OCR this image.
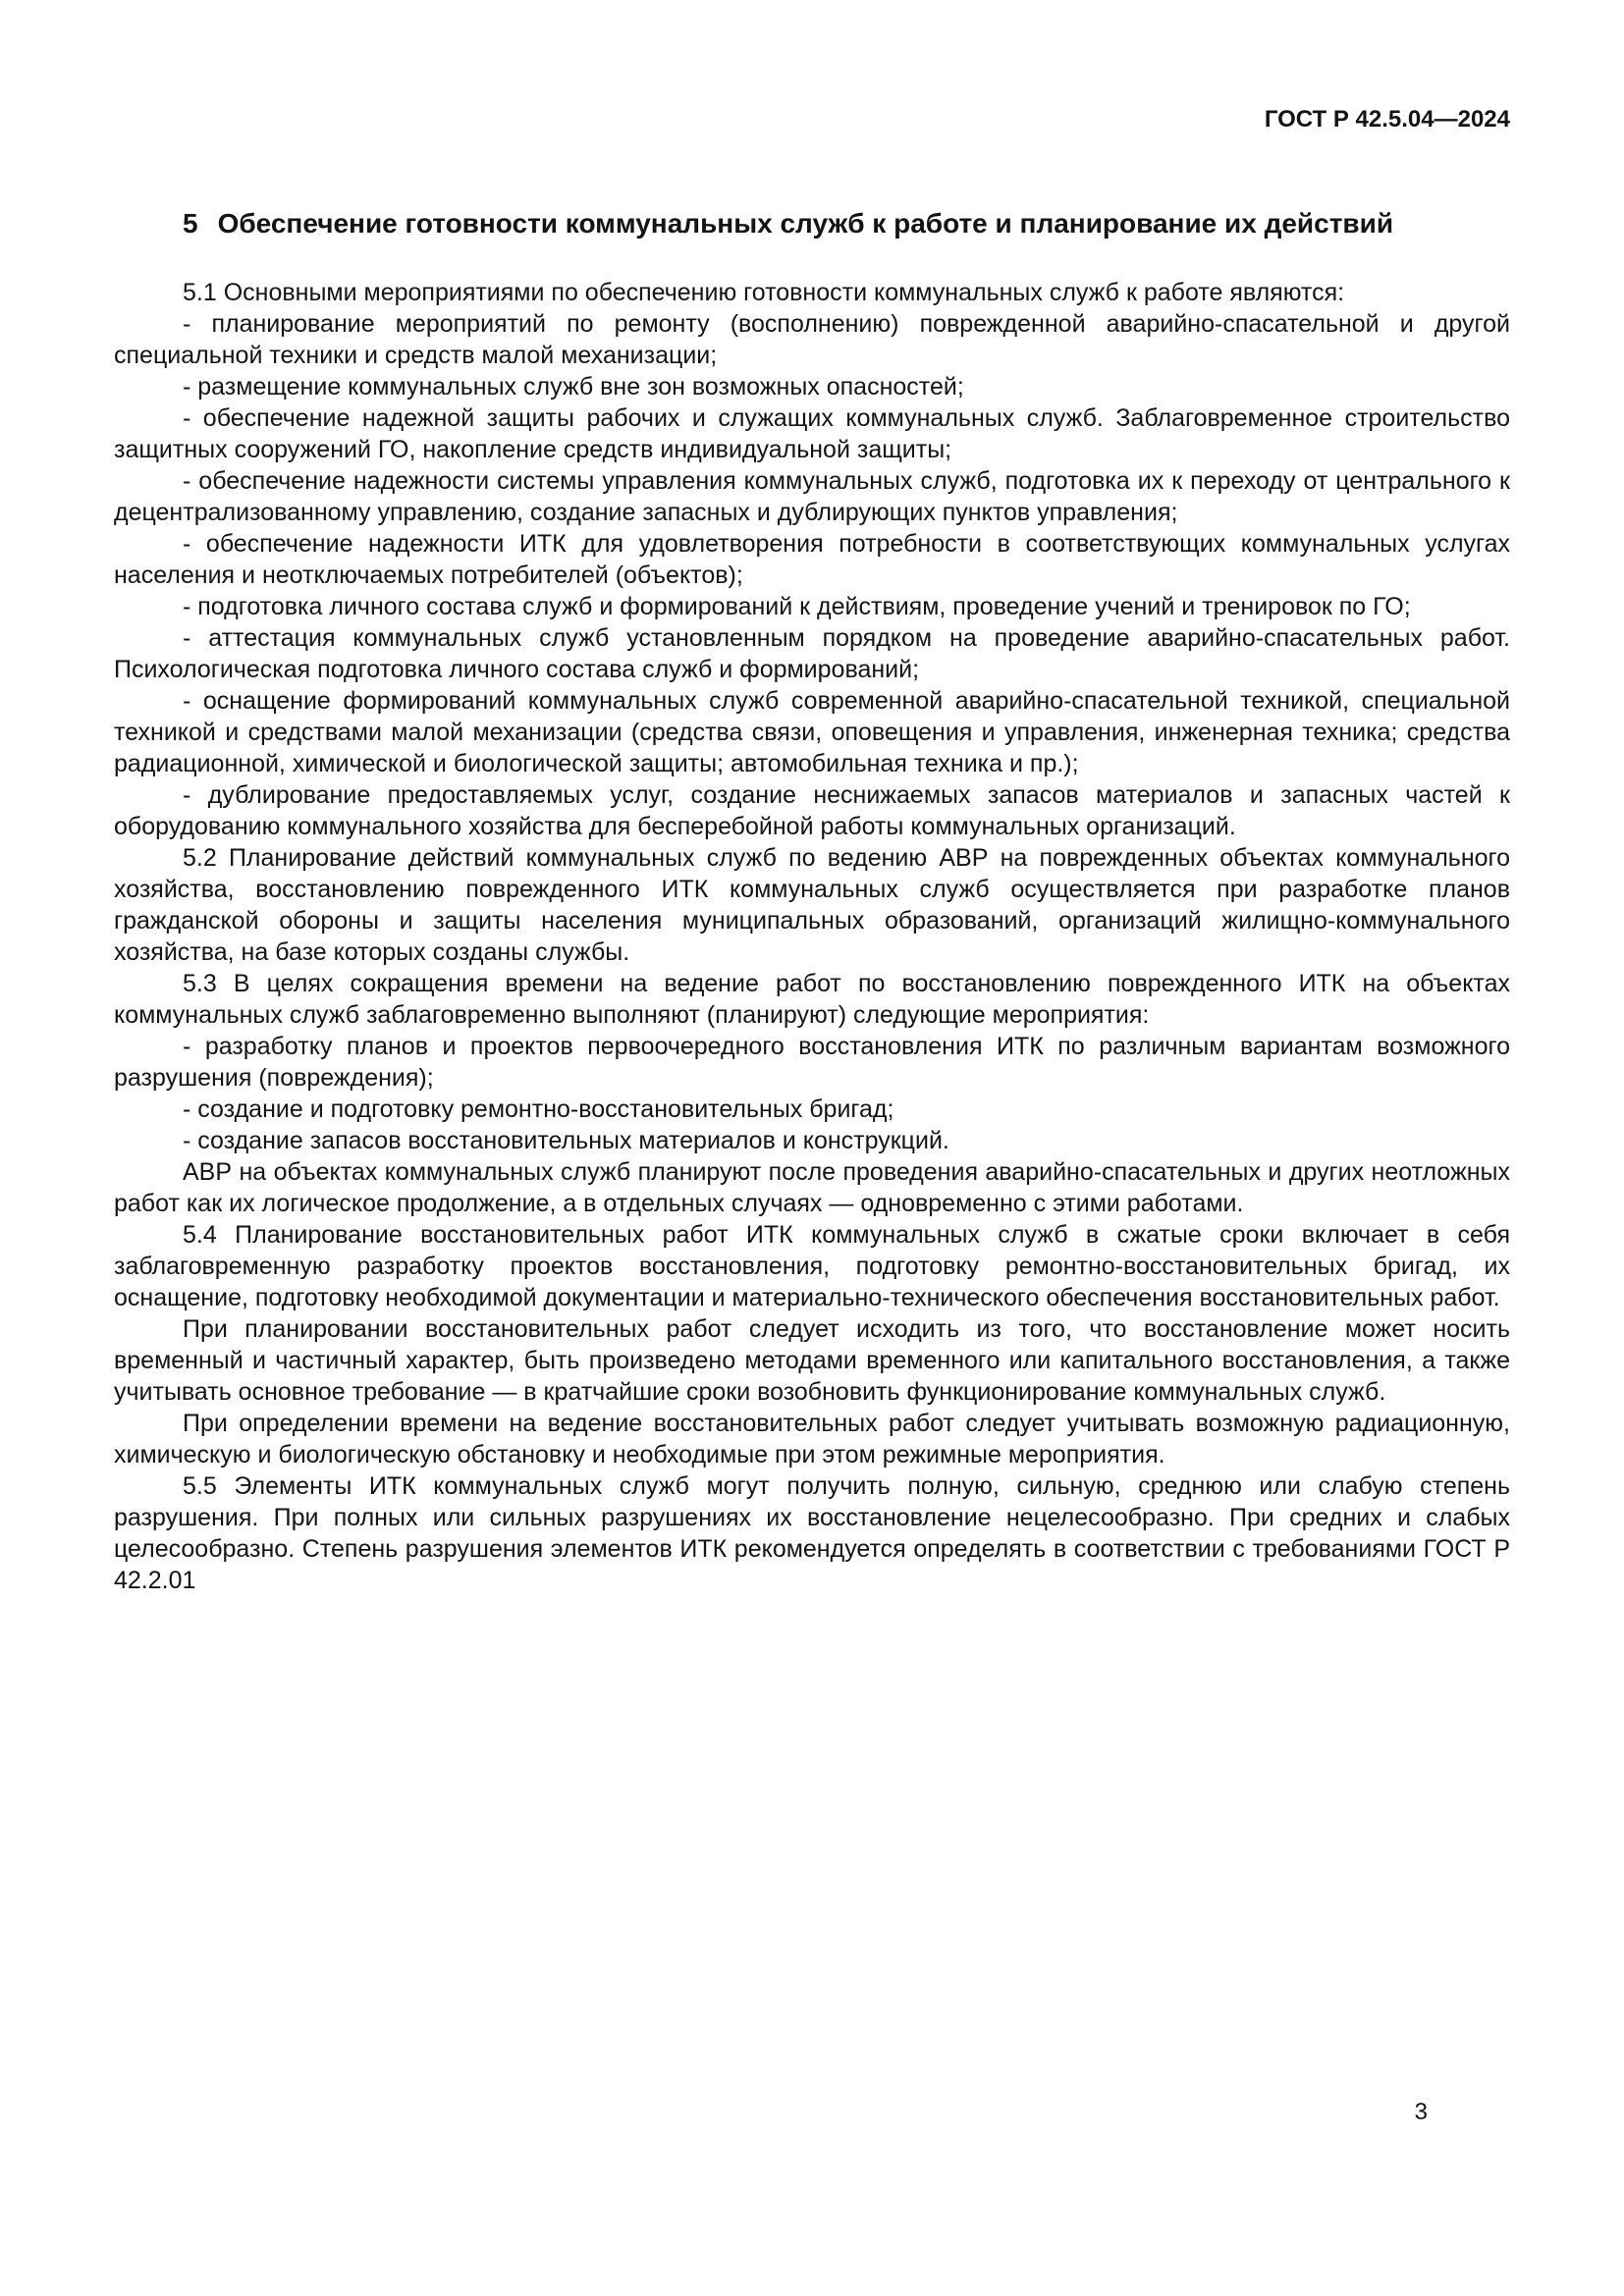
ГОСТ Р 42.5.04—2024
5 Обеспечение готовности коммунальных служб к работе и планирование их действий

5.1 Основными мероприятиями по обеспечению готовности коммунальных служб к работе являются:

- планирование мероприятий по ремонту (восполнению) поврежденной аварийно-спасательной и другой специальной техники и средств малой механизации;

- размещение коммунальных служб вне зон возможных опасностей;

- обеспечение надежной защиты рабочих и служащих коммунальных служб. Заблаговременное строительство защитных сооружений ГО, накопление средств индивидуальной защиты;

- обеспечение надежности системы управления коммунальных служб, подготовка их к переходу от центрального к децентрализованному управлению, создание запасных и дублирующих пунктов управления;

- обеспечение надежности ИТК для удовлетворения потребности в соответствующих коммунальных услугах населения и неотключаемых потребителей (объектов);

- подготовка личного состава служб и формирований к действиям, проведение учений и тренировок по ГО;

- аттестация коммунальных служб установленным порядком на проведение аварийно-спасательных работ. Психологическая подготовка личного состава служб и формирований;

- оснащение формирований коммунальных служб современной аварийно-спасательной техникой, специальной техникой и средствами малой механизации (средства связи, оповещения и управления, инженерная техника; средства радиационной, химической и биологической защиты; автомобильная техника и пр.);

- дублирование предоставляемых услуг, создание неснижаемых запасов материалов и запасных частей к оборудованию коммунального хозяйства для бесперебойной работы коммунальных организаций.

5.2 Планирование действий коммунальных служб по ведению АВР на поврежденных объектах коммунального хозяйства, восстановлению поврежденного ИТК коммунальных служб осуществляется при разработке планов гражданской обороны и защиты населения муниципальных образований, организаций жилищно-коммунального хозяйства, на базе которых созданы службы.

5.3 В целях сокращения времени на ведение работ по восстановлению поврежденного ИТК на объектах коммунальных служб заблаговременно выполняют (планируют) следующие мероприятия:

- разработку планов и проектов первоочередного восстановления ИТК по различным вариантам возможного разрушения (повреждения);

- создание и подготовку ремонтно-восстановительных бригад;

- создание запасов восстановительных материалов и конструкций.

АВР на объектах коммунальных служб планируют после проведения аварийно-спасательных и других неотложных работ как их логическое продолжение, а в отдельных случаях — одновременно с этими работами.

5.4 Планирование восстановительных работ ИТК коммунальных служб в сжатые сроки включает в себя заблаговременную разработку проектов восстановления, подготовку ремонтно-восстановительных бригад, их оснащение, подготовку необходимой документации и материально-технического обеспечения восстановительных работ.

При планировании восстановительных работ следует исходить из того, что восстановление может носить временный и частичный характер, быть произведено методами временного или капитального восстановления, а также учитывать основное требование — в кратчайшие сроки возобновить функционирование коммунальных служб.

При определении времени на ведение восстановительных работ следует учитывать возможную радиационную, химическую и биологическую обстановку и необходимые при этом режимные мероприятия.

5.5 Элементы ИТК коммунальных служб могут получить полную, сильную, среднюю или слабую степень разрушения. При полных или сильных разрушениях их восстановление нецелесообразно. При средних и слабых целесообразно. Степень разрушения элементов ИТК рекомендуется определять в соответствии с требованиями ГОСТ Р 42.2.01

3
